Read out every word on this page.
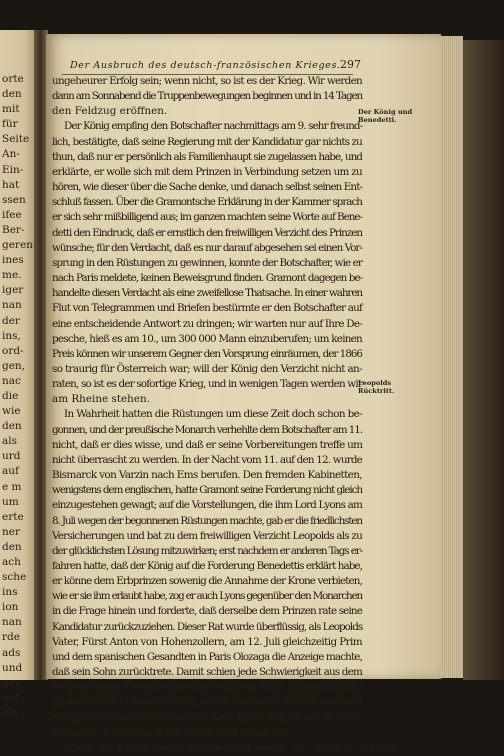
orte
den
mit
für
Seite
An-
Ein-
hat
ssen
ifee
Ber-
geren
ines
me.
iger
nan
der
ins,
ord-
gen,
nac
die
wie
den
als
urd
auf
e m
um
erte
ner
den
ach
sche
ins
ion
nan
rde
ads
und
gen
auf
ein
Der Ausbruch des deutsch-französischen Krieges. 297
ungeheurer Erfolg sein; wenn nicht, so ist es der Krieg. Wir werden
dann am Sonnabend die Truppenbewegungen beginnen und in 14 Tagen
den Feldzug eröffnen.
Der König empfing den Botschafter nachmittags am 9. sehr freund-
lich, bestätigte, daß seine Regierung mit der Kandidatur gar nichts zu
thun, daß nur er persönlich als Familienhaupt sie zugelassen habe, und
erklärte, er wolle sich mit dem Prinzen in Verbindung setzen um zu
hören, wie dieser über die Sache denke, und danach selbst seinen Ent-
schluß fassen. Über die Gramontsche Erklärung in der Kammer sprach
er sich sehr mißbilligend aus; im ganzen machten seine Worte auf Bene-
detti den Eindruck, daß er ernstlich den freiwilligen Verzicht des Prinzen
wünsche; für den Verdacht, daß es nur darauf abgesehen sei einen Vor-
sprung in den Rüstungen zu gewinnen, konnte der Botschafter, wie er
nach Paris meldete, keinen Beweisgrund finden. Gramont dagegen be-
handelte diesen Verdacht als eine zweifellose Thatsache. In einer wahren
Flut von Telegrammen und Briefen bestürmte er den Botschafter auf
eine entscheidende Antwort zu dringen; wir warten nur auf Ihre De-
pesche, hieß es am 10., um 300 000 Mann einzuberufen; um keinen
Preis können wir unserem Gegner den Vorsprung einräumen, der 1866
so traurig für Österreich war; will der König den Verzicht nicht an-
raten, so ist es der sofortige Krieg, und in wenigen Tagen werden wir
am Rheine stehen.
In Wahrheit hatten die Rüstungen um diese Zeit doch schon be-
gonnen, und der preußische Monarch verhehlte dem Botschafter am 11.
nicht, daß er dies wisse, und daß er seine Vorbereitungen treffe um
nicht überrascht zu werden. In der Nacht vom 11. auf den 12. wurde
Bismarck von Varzin nach Ems berufen. Den fremden Kabinetten,
wenigstens dem englischen, hatte Gramont seine Forderung nicht gleich
einzugestehen gewagt; auf die Vorstellungen, die ihm Lord Lyons am
8. Juli wegen der begonnenen Rüstungen machte, gab er die friedlichsten
Versicherungen und bat zu dem freiwilligen Verzicht Leopolds als zu
der glücklichsten Lösung mitzuwirken; erst nachdem er anderen Tags er-
fahren hatte, daß der König auf die Forderung Benedettis erklärt habe,
er könne dem Erbprinzen sowenig die Annahme der Krone verbieten,
wie er sie ihm erlaubt habe, zog er auch Lyons gegenüber den Monarchen
in die Frage hinein und forderte, daß derselbe dem Prinzen rate seine
Kandidatur zurückzuziehen. Dieser Rat wurde überflüssig, als Leopolds
Vater, Fürst Anton von Hohenzollern, am 12. Juli gleichzeitig Prim
und dem spanischen Gesandten in Paris Olozaga die Anzeige machte,
daß sein Sohn zurücktrete. Damit schien jede Schwierigkeit aus dem
Wege geräumt: Ollivier eilte seelenvergnügt in die Kammer um die
große Nachricht zu verbreiten, und in die Blätter, die am nächsten
Morgen erscheinen sollten, wurden Artikel geschickt, die den Streit für
beseitigt, Frankreich für befriedigt erklärten.
Allein die Kriegspartei dachte nicht daran, das Spiel so schnell
Der König und Benedetti.
Leopolds Rücktritt.
